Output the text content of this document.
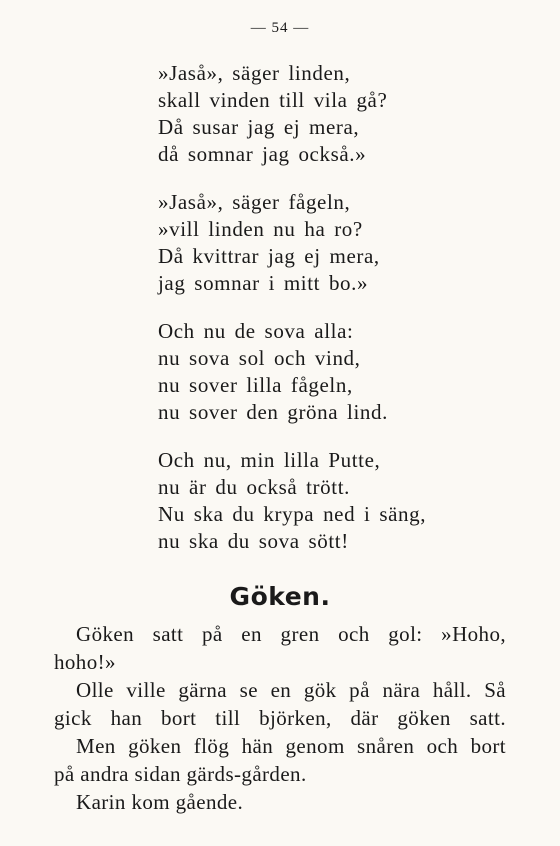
— 54 —
»Jaså», säger linden,
skall vinden till vila gå?
Då susar jag ej mera,
då somnar jag också.»
»Jaså», säger fågeln,
»vill linden nu ha ro?
Då kvittrar jag ej mera,
jag somnar i mitt bo.»
Och nu de sova alla:
nu sova sol och vind,
nu sover lilla fågeln,
nu sover den gröna lind.
Och nu, min lilla Putte,
nu är du också trött.
Nu ska du krypa ned i säng,
nu ska du sova sött!
Göken.
Göken satt på en gren och gol: »Hoho,
hoho!»
Olle ville gärna se en gök på nära håll. Så
gick han bort till björken, där göken satt.
Men göken flög hän genom snåren och bort
på andra sidan gärds-gården.
Karin kom gående.
